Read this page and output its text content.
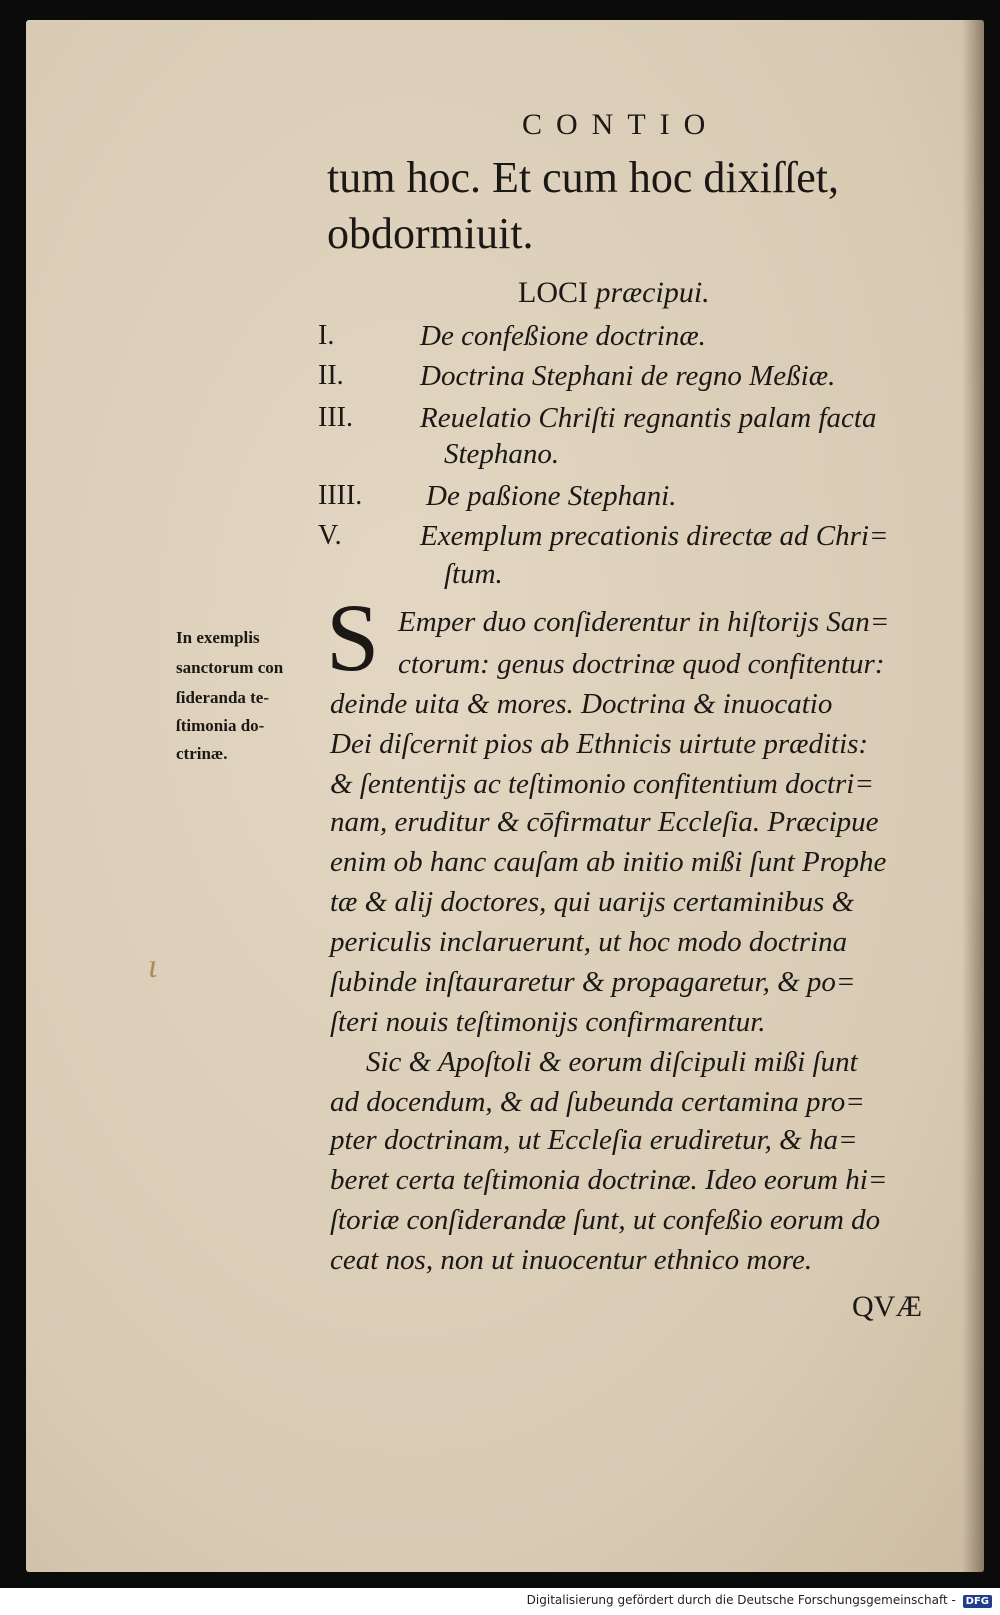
CONTIO
tum hoc. Et cum hoc dixiſſet,
obdormiuit.
LOCI præcipui.
I.	De confeßione doctrinæ.
II.	Doctrina Stephani de regno Meßiæ.
III. Reuelatio Chriſti regnantis palam facta
Stephano.
IIII. De paßione Stephani.
V.	Exemplum precationis directæ ad Chri=
ſtum.
In exemplis
sanctorum con
ſideranda te-
ſtimonia do-
ctrinæ.
S Emper duo conſiderentur in hiſtorijs San=
ctorum: genus doctrinæ quod confitentur:
deinde uita & mores. Doctrina & inuocatio
Dei diſcernit pios ab Ethnicis uirtute præditis:
& ſententijs ac teſtimonio confitentium doctri=
nam, eruditur & cōfirmatur Eccleſia. Præcipue
enim ob hanc cauſam ab initio mißi ſunt Prophe
tæ & alij doctores, qui uarijs certaminibus &
periculis inclaruerunt, ut hoc modo doctrina
ſubinde inſtauraretur & propagaretur, & po=
ſteri nouis teſtimonijs confirmarentur.
Sic & Apoſtoli & eorum diſcipuli mißi ſunt
ad docendum, & ad ſubeunda certamina pro=
pter doctrinam, ut Eccleſia erudiretur, & ha=
beret certa teſtimonia doctrinæ. Ideo eorum hi=
ſtoriæ conſiderandæ ſunt, ut confeßio eorum do
ceat nos, non ut inuocentur ethnico more.
QVÆ
ɩ
Digitalisierung gefördert durch die Deutsche Forschungsgemeinschaft - DFG
